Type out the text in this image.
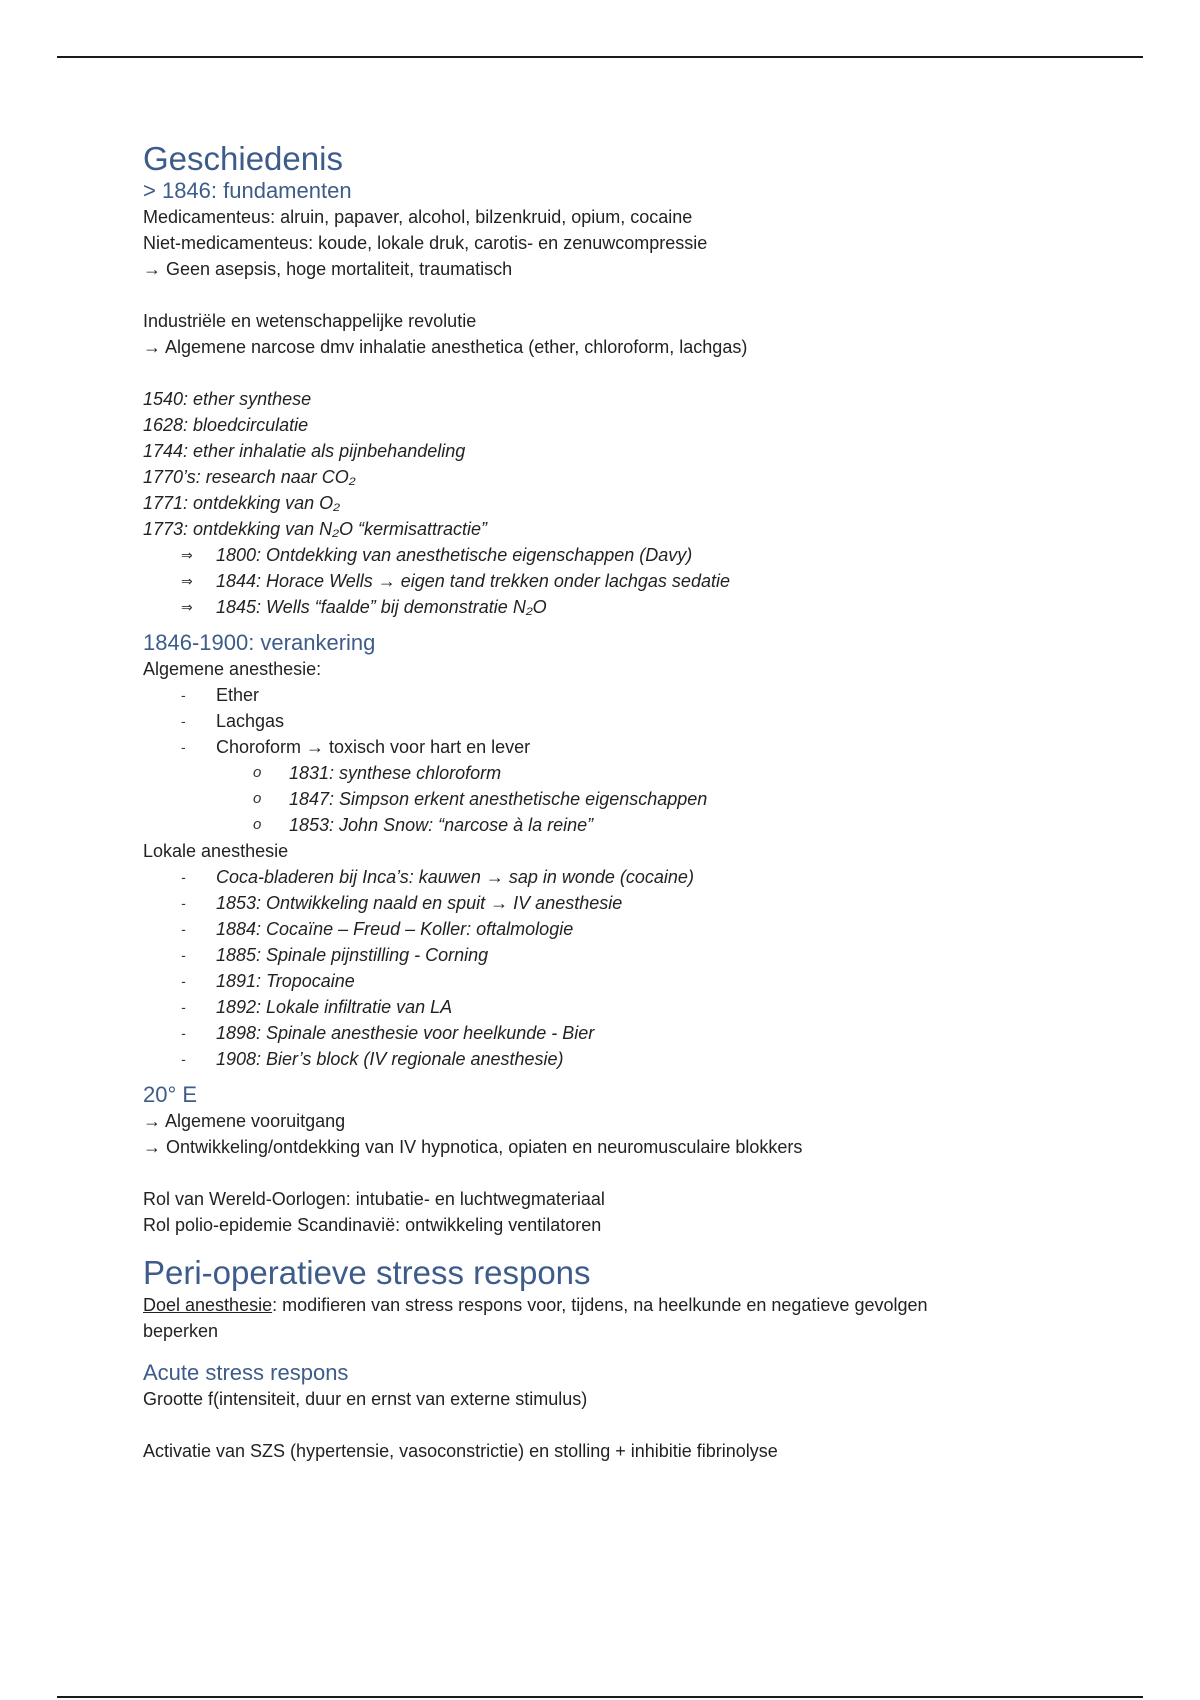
Geschiedenis
> 1846: fundamenten

Medicamenteus: alruin, papaver, alcohol, bilzenkruid, opium, cocaine

Niet-medicamenteus: koude, lokale druk, carotis- en zenuwcompressie

→ Geen asepsis, hoge mortaliteit, traumatisch

Industriële en wetenschappelijke revolutie

→ Algemene narcose dmv inhalatie anesthetica (ether, chloroform, lachgas)

1540: ether synthese

1628: bloedcirculatie

1744: ether inhalatie als pijnbehandeling

1770’s: research naar CO₂

1771: ontdekking van O₂

1773: ontdekking van N₂O “kermisattractie”

⇒ 1800: Ontdekking van anesthetische eigenschappen (Davy)
⇒ 1844: Horace Wells → eigen tand trekken onder lachgas sedatie
⇒ 1845: Wells “faalde” bij demonstratie N₂O
1846-1900: verankering

Algemene anesthesie:

- Ether
- Lachgas
- Choroform → toxisch voor hart en lever
o 1831: synthese chloroform
o 1847: Simpson erkent anesthetische eigenschappen
o 1853: John Snow: “narcose à la reine”

Lokale anesthesie

- Coca-bladeren bij Inca’s: kauwen → sap in wonde (cocaine)
- 1853: Ontwikkeling naald en spuit → IV anesthesie
- 1884: Cocaïne – Freud – Koller: oftalmologie
- 1885: Spinale pijnstilling - Corning
- 1891: Tropocaine
- 1892: Lokale infiltratie van LA
- 1898: Spinale anesthesie voor heelkunde - Bier
- 1908: Bier’s block (IV regionale anesthesie)
20° E

→ Algemene vooruitgang

→ Ontwikkeling/ontdekking van IV hypnotica, opiaten en neuromusculaire blokkers

Rol van Wereld-Oorlogen: intubatie- en luchtwegmateriaal

Rol polio-epidemie Scandinavië: ontwikkeling ventilatoren

Peri-operatieve stress respons

Doel anesthesie: modifieren van stress respons voor, tijdens, na heelkunde en negatieve gevolgen

beperken

Acute stress respons

Grootte f(intensiteit, duur en ernst van externe stimulus)

Activatie van SZS (hypertensie, vasoconstrictie) en stolling + inhibitie fibrinolyse
